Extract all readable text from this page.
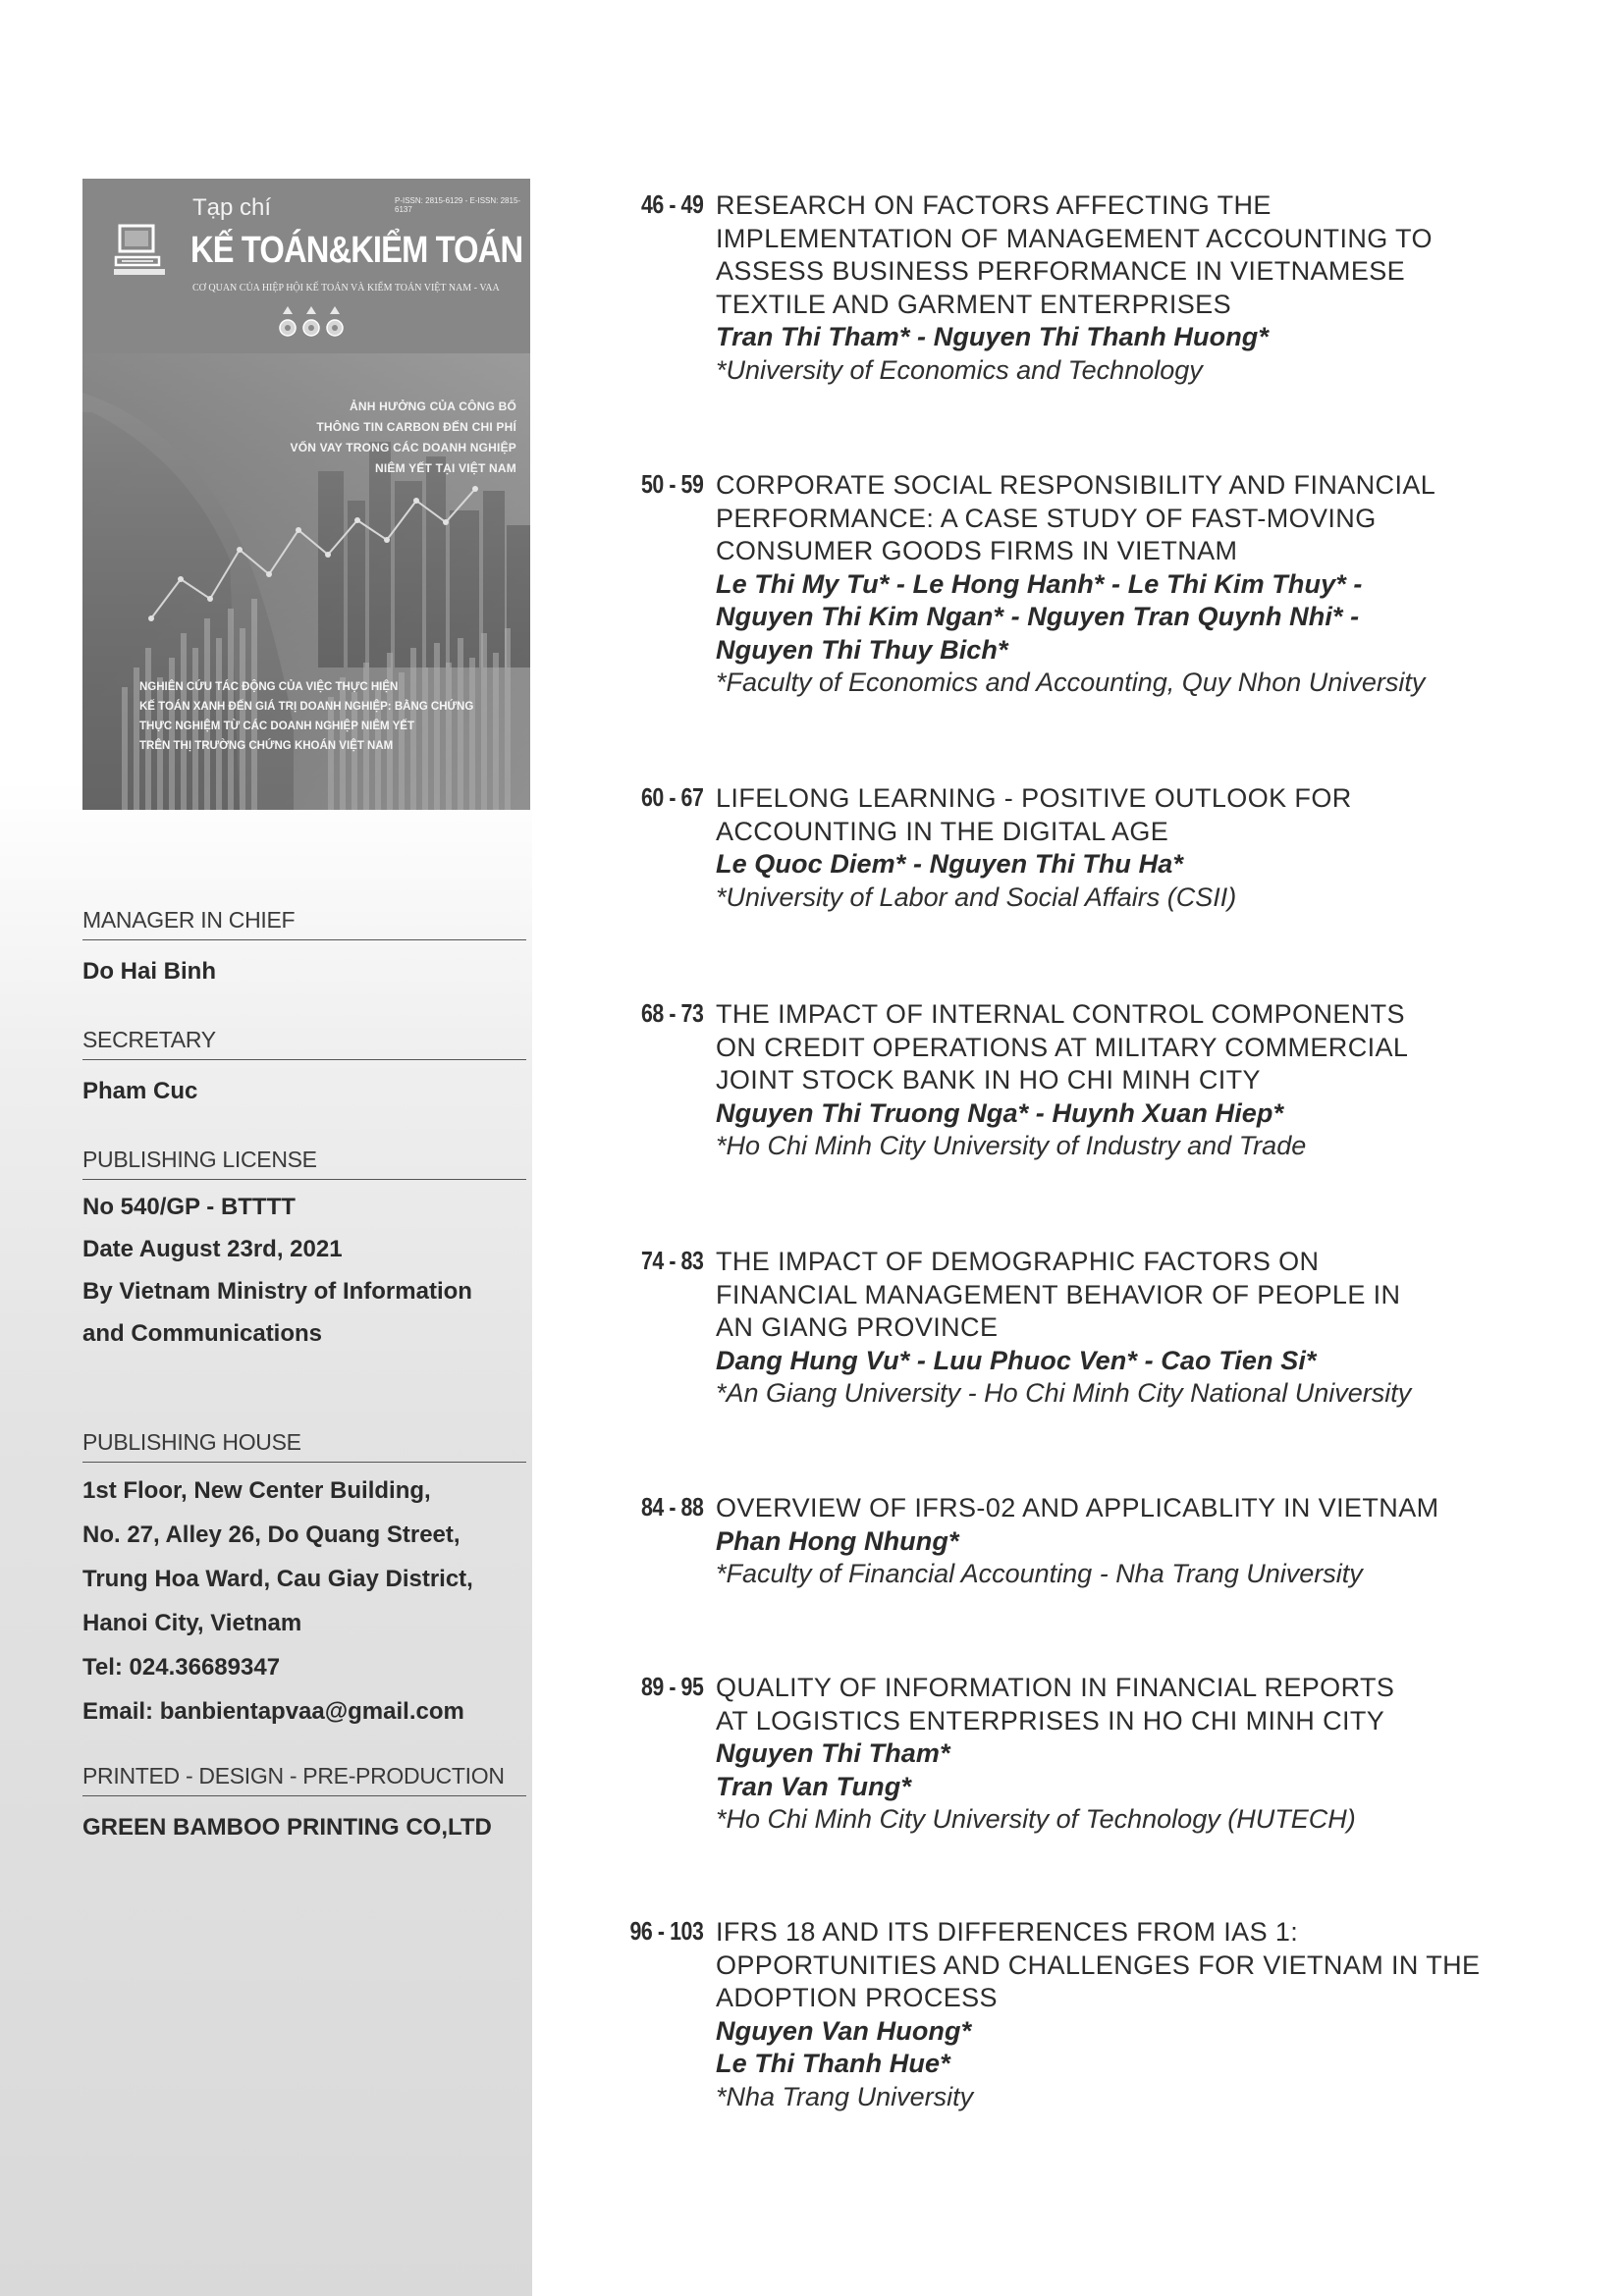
Tạp chí	P-ISSN: 2815-6129 - E-ISSN: 2815-6137
KẾ TOÁN&KIỂM TOÁN
CƠ QUAN CỦA HIỆP HỘI KẾ TOÁN VÀ KIỂM TOÁN VIỆT NAM - VAA
ẢNH HƯỞNG CỦA CÔNG BỐ
THÔNG TIN CARBON ĐẾN CHI PHÍ
VỐN VAY TRONG CÁC DOANH NGHIỆP
NIÊM YẾT TẠI VIỆT NAM
NGHIÊN CỨU TÁC ĐỘNG CỦA VIỆC THỰC HIỆN
KẾ TOÁN XANH ĐẾN GIÁ TRỊ DOANH NGHIỆP: BẰNG CHỨNG
THỰC NGHIỆM TỪ CÁC DOANH NGHIỆP NIÊM YẾT
TRÊN THỊ TRƯỜNG CHỨNG KHOÁN VIỆT NAM
MANAGER IN CHIEF
Do Hai Binh
SECRETARY
Pham Cuc
PUBLISHING LICENSE
No 540/GP - BTTTT
Date August 23rd, 2021
By Vietnam Ministry of Information
and Communications
PUBLISHING HOUSE
1st Floor, New Center Building,
No. 27, Alley 26, Do Quang Street,
Trung Hoa Ward, Cau Giay District,
Hanoi City, Vietnam
Tel: 024.36689347
Email: banbientapvaa@gmail.com
PRINTED - DESIGN - PRE-PRODUCTION
GREEN BAMBOO PRINTING CO,LTD
46 - 49 RESEARCH ON FACTORS AFFECTING THE
IMPLEMENTATION OF MANAGEMENT ACCOUNTING TO
ASSESS BUSINESS PERFORMANCE IN VIETNAMESE
TEXTILE AND GARMENT ENTERPRISES
Tran Thi Tham* - Nguyen Thi Thanh Huong*
*University of Economics and Technology
50 - 59 CORPORATE SOCIAL RESPONSIBILITY AND FINANCIAL
PERFORMANCE: A CASE STUDY OF FAST-MOVING
CONSUMER GOODS FIRMS IN VIETNAM
Le Thi My Tu* - Le Hong Hanh* - Le Thi Kim Thuy* -
Nguyen Thi Kim Ngan* - Nguyen Tran Quynh Nhi* -
Nguyen Thi Thuy Bich*
*Faculty of Economics and Accounting, Quy Nhon University
60 - 67 LIFELONG LEARNING - POSITIVE OUTLOOK FOR
ACCOUNTING IN THE DIGITAL AGE
Le Quoc Diem* - Nguyen Thi Thu Ha*
*University of Labor and Social Affairs (CSII)
68 - 73 THE IMPACT OF INTERNAL CONTROL COMPONENTS
ON CREDIT OPERATIONS AT MILITARY COMMERCIAL
JOINT STOCK BANK IN HO CHI MINH CITY
Nguyen Thi Truong Nga* - Huynh Xuan Hiep*
*Ho Chi Minh City University of Industry and Trade
74 - 83 THE IMPACT OF DEMOGRAPHIC FACTORS ON
FINANCIAL MANAGEMENT BEHAVIOR OF PEOPLE IN
AN GIANG PROVINCE
Dang Hung Vu* - Luu Phuoc Ven* - Cao Tien Si*
*An Giang University - Ho Chi Minh City National University
84 - 88 OVERVIEW OF IFRS-02 AND APPLICABLITY IN VIETNAM
Phan Hong Nhung*
*Faculty of Financial Accounting - Nha Trang University
89 - 95 QUALITY OF INFORMATION IN FINANCIAL REPORTS
AT LOGISTICS ENTERPRISES IN HO CHI MINH CITY
Nguyen Thi Tham*
Tran Van Tung*
*Ho Chi Minh City University of Technology (HUTECH)
96 - 103 IFRS 18 AND ITS DIFFERENCES FROM IAS 1:
OPPORTUNITIES AND CHALLENGES FOR VIETNAM IN THE
ADOPTION PROCESS
Nguyen Van Huong*
Le Thi Thanh Hue*
*Nha Trang University
